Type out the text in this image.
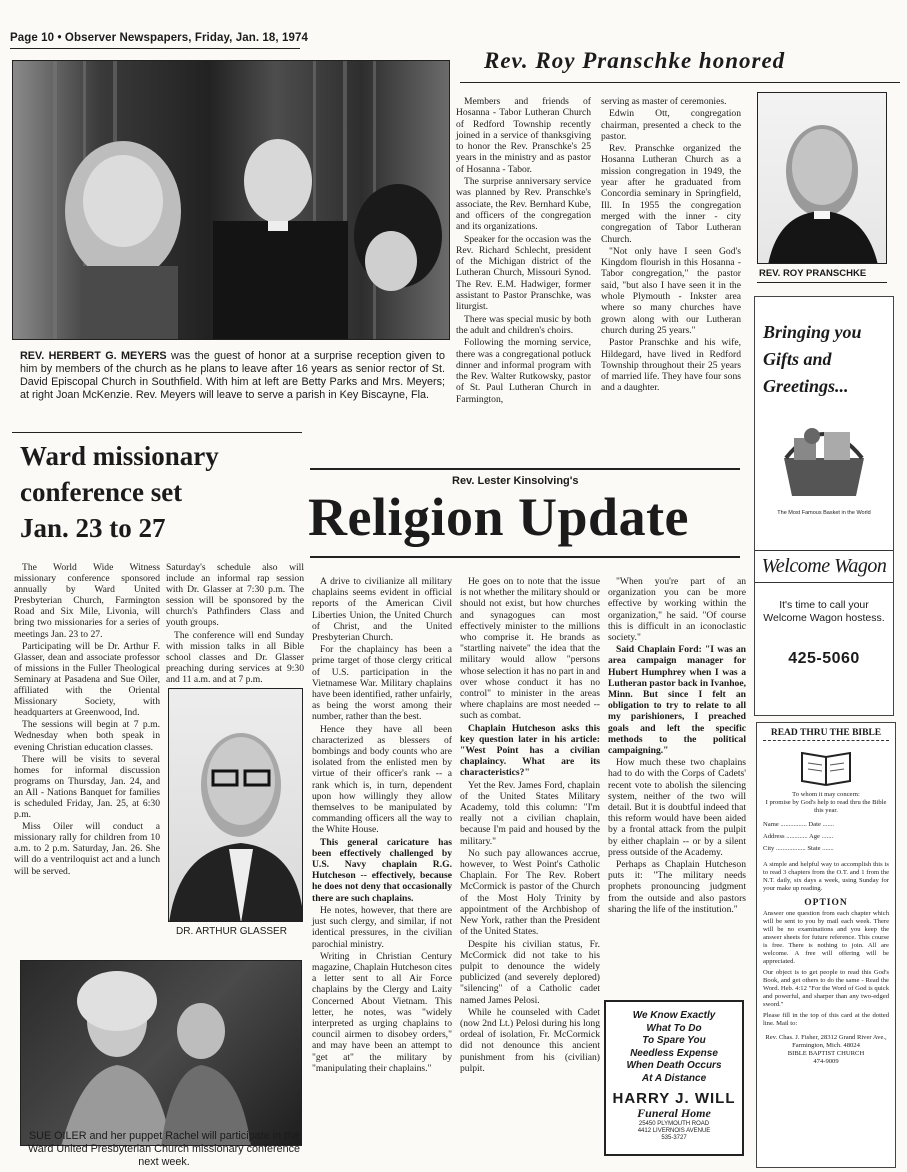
Page 10 • Observer Newspapers, Friday, Jan. 18, 1974
REV. HERBERT G. MEYERS was the guest of honor at a surprise reception given to him by members of the church as he plans to leave after 16 years as senior rector of St. David Episcopal Church in Southfield. With him at left are Betty Parks and Mrs. Meyers; at right Joan McKenzie. Rev. Meyers will leave to serve a parish in Key Biscayne, Fla.
Rev. Roy Pranschke honored

Members and friends of Hosanna - Tabor Lutheran Church of Redford Township recently joined in a service of thanksgiving to honor the Rev. Pranschke's 25 years in the ministry and as pastor of Hosanna - Tabor.

The surprise anniversary service was planned by Rev. Pranschke's associate, the Rev. Bernhard Kube, and officers of the congregation and its organizations.

Speaker for the occasion was the Rev. Richard Schlecht, president of the Michigan district of the Lutheran Church, Missouri Synod. The Rev. E.M. Hadwiger, former assistant to Pastor Pranschke, was liturgist.

There was special music by both the adult and children's choirs.

Following the morning service, there was a congregational potluck dinner and informal program with the Rev. Walter Rutkowsky, pastor of St. Paul Lutheran Church in Farmington,

serving as master of ceremonies.

Edwin Ott, congregation chairman, presented a check to the pastor.

Rev. Pranschke organized the Hosanna Lutheran Church as a mission congregation in 1949, the year after he graduated from Concordia seminary in Springfield, Ill. In 1955 the congregation merged with the inner - city congregation of Tabor Lutheran Church.

"Not only have I seen God's Kingdom flourish in this Hosanna - Tabor congregation," the pastor said, "but also I have seen it in the whole Plymouth - Inkster area where so many churches have grown along with our Lutheran church during 25 years."

Pastor Pranschke and his wife, Hildegard, have lived in Redford Township throughout their 25 years of married life. They have four sons and a daughter.

REV. ROY PRANSCHKE
Ward missionary
conference set
Jan. 23 to 27
Rev. Lester Kinsolving's
Religion Update

The World Wide Witness missionary conference sponsored annually by Ward United Presbyterian Church, Farmington Road and Six Mile, Livonia, will bring two missionaries for a series of meetings Jan. 23 to 27.

Participating will be Dr. Arthur F. Glasser, dean and associate professor of missions in the Fuller Theological Seminary at Pasadena and Sue Oiler, affiliated with the Oriental Missionary Society, with headquarters at Greenwood, Ind.

The sessions will begin at 7 p.m. Wednesday when both speak in evening Christian education classes.

There will be visits to several homes for informal discussion programs on Thursday, Jan. 24, and an All - Nations Banquet for families is scheduled Friday, Jan. 25, at 6:30 p.m.

Miss Oiler will conduct a missionary rally for children from 10 a.m. to 2 p.m. Saturday, Jan. 26. She will do a ventriloquist act and a lunch will be served.

Saturday's schedule also will include an informal rap session with Dr. Glasser at 7:30 p.m. The session will be sponsored by the church's Pathfinders Class and youth groups.

The conference will end Sunday with mission talks in all Bible school classes and Dr. Glasser preaching during services at 9:30 and 11 a.m. and at 7 p.m.

DR. ARTHUR GLASSER
SUE OILER and her puppet Rachel will participate in the Ward United Presbyterian Church missionary conference next week.

A drive to civilianize all military chaplains seems evident in official reports of the American Civil Liberties Union, the United Church of Christ, and the United Presbyterian Church.

For the chaplaincy has been a prime target of those clergy critical of U.S. participation in the Vietnamese War. Military chaplains have been identified, rather unfairly, as being the worst among their number, rather than the best.

Hence they have all been characterized as blessers of bombings and body counts who are isolated from the enlisted men by virtue of their officer's rank -- a rank which is, in turn, dependent upon how willingly they allow themselves to be manipulated by commanding officers all the way to the White House.

This general caricature has been effectively challenged by U.S. Navy chaplain R.G. Hutcheson -- effectively, because he does not deny that occasionally there are such chaplains.

He notes, however, that there are just such clergy, and similar, if not identical pressures, in the civilian parochial ministry.

Writing in Christian Century magazine, Chaplain Hutcheson cites a letter sent to all Air Force chaplains by the Clergy and Laity Concerned About Vietnam. This letter, he notes, was "widely interpreted as urging chaplains to council airmen to disobey orders," and may have been an attempt to "get at" the military by "manipulating their chaplains."

He goes on to note that the issue is not whether the military should or should not exist, but how churches and synagogues can most effectively minister to the millions who comprise it. He brands as "startling naivete" the idea that the military would allow "persons whose selection it has no part in and over whose conduct it has no control" to minister in the areas where chaplains are most needed -- such as combat.

Chaplain Hutcheson asks this key question later in his article: "West Point has a civilian chaplaincy. What are its characteristics?"

Yet the Rev. James Ford, chaplain of the United States Military Academy, told this column: "I'm really not a civilian chaplain, because I'm paid and housed by the military."

No such pay allowances accrue, however, to West Point's Catholic Chaplain. For The Rev. Robert McCormick is pastor of the Church of the Most Holy Trinity by appointment of the Archbishop of New York, rather than the President of the United States.

Despite his civilian status, Fr. McCormick did not take to his pulpit to denounce the widely publicized (and severely deplored) "silencing" of a Catholic cadet named James Pelosi.

While he counseled with Cadet (now 2nd Lt.) Pelosi during his long ordeal of isolation, Fr. McCormick did not denounce this ancient punishment from his (civilian) pulpit.

"When you're part of an organization you can be more effective by working within the organization," he said. "Of course this is difficult in an iconoclastic society."

Said Chaplain Ford: "I was an area campaign manager for Hubert Humphrey when I was a Lutheran pastor back in Ivanhoe, Minn. But since I felt an obligation to try to relate to all my parishioners, I preached goals and left the specific methods to the political campaigning."

How much these two chaplains had to do with the Corps of Cadets' recent vote to abolish the silencing system, neither of the two will detail. But it is doubtful indeed that this reform would have been aided by a frontal attack from the pulpit by either chaplain -- or by a silent press outside of the Academy.

Perhaps as Chaplain Hutcheson puts it: "The military needs prophets pronouncing judgment from the outside and also pastors sharing the life of the institution."

We Know Exactly
What To Do
To Spare You
Needless Expense
When Death Occurs
At A Distance
HARRY J. WILL
Funeral Home
25450 PLYMOUTH ROAD
4412 LIVERNOIS AVENUE
535-3727
Bringing you
Gifts and
Greetings...
The Most Famous Basket in the World
Welcome Wagon
It's time to call your Welcome Wagon hostess.
425-5060
READ THRU THE BIBLE
To whom it may concern:
I promise by God's help to read thru the Bible this year.
Name ................ Date .......
Address ............. Age .......
City .................. State .......
A simple and helpful way to accomplish this is to read 3 chapters from the O.T. and 1 from the N.T. daily, six days a week, using Sunday for your make up reading.
OPTION
Answer one question from each chapter which will be sent to you by mail each week. There will be no examinations and you keep the answer sheets for future reference. This course is free. There is nothing to join. All are welcome. A free will offering will be appreciated.
Our object is to get people to read this God's Book, and get others to do the same - Read the Word. Heb. 4:12 "For the Word of God is quick and powerful, and sharper than any two-edged sword."
Please fill in the top of this card at the dotted line. Mail to:
Rev. Chas. J. Fisher, 28312 Grand River Ave., Farmington, Mich. 48024
BIBLE BAPTIST CHURCH
474-9009
